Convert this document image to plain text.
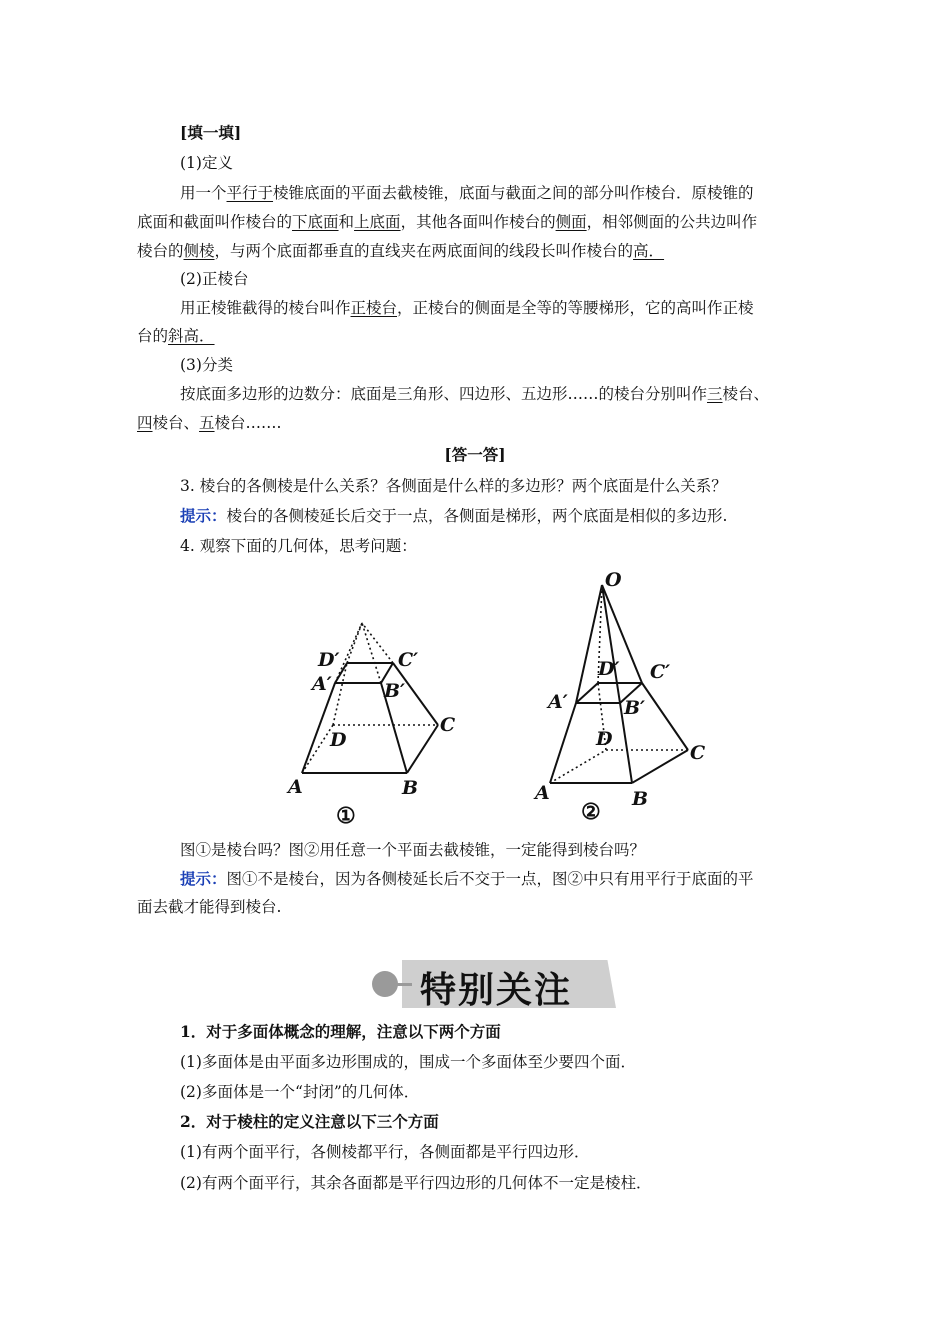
[填一填]
(1)定义
用一个平行于棱锥底面的平面去截棱锥，底面与截面之间的部分叫作棱台．原棱锥的
底面和截面叫作棱台的下底面和上底面，其他各面叫作棱台的侧面，相邻侧面的公共边叫作
棱台的侧棱，与两个底面都垂直的直线夹在两底面间的线段长叫作棱台的高．
(2)正棱台
用正棱锥截得的棱台叫作正棱台，正棱台的侧面是全等的等腰梯形，它的高叫作正棱
台的斜高．
(3)分类
按底面多边形的边数分：底面是三角形、四边形、五边形……的棱台分别叫作三棱台、
四棱台、五棱台…….
[答一答]
3. 棱台的各侧棱是什么关系？各侧面是什么样的多边形？两个底面是什么关系？
提示：棱台的各侧棱延长后交于一点，各侧面是梯形，两个底面是相似的多边形.
4. 观察下面的几何体，思考问题：
D′	C′
A′	B′
C
D
A	B
O
D′ C′
A′	B′
D
C
A	B
①	②
图①是棱台吗？图②用任意一个平面去截棱锥，一定能得到棱台吗？
提示：图①不是棱台，因为各侧棱延长后不交于一点，图②中只有用平行于底面的平
面去截才能得到棱台.
特别关注
1．对于多面体概念的理解，注意以下两个方面
(1)多面体是由平面多边形围成的，围成一个多面体至少要四个面．
(2)多面体是一个“封闭”的几何体．
2．对于棱柱的定义注意以下三个方面
(1)有两个面平行，各侧棱都平行，各侧面都是平行四边形．
(2)有两个面平行，其余各面都是平行四边形的几何体不一定是棱柱．
